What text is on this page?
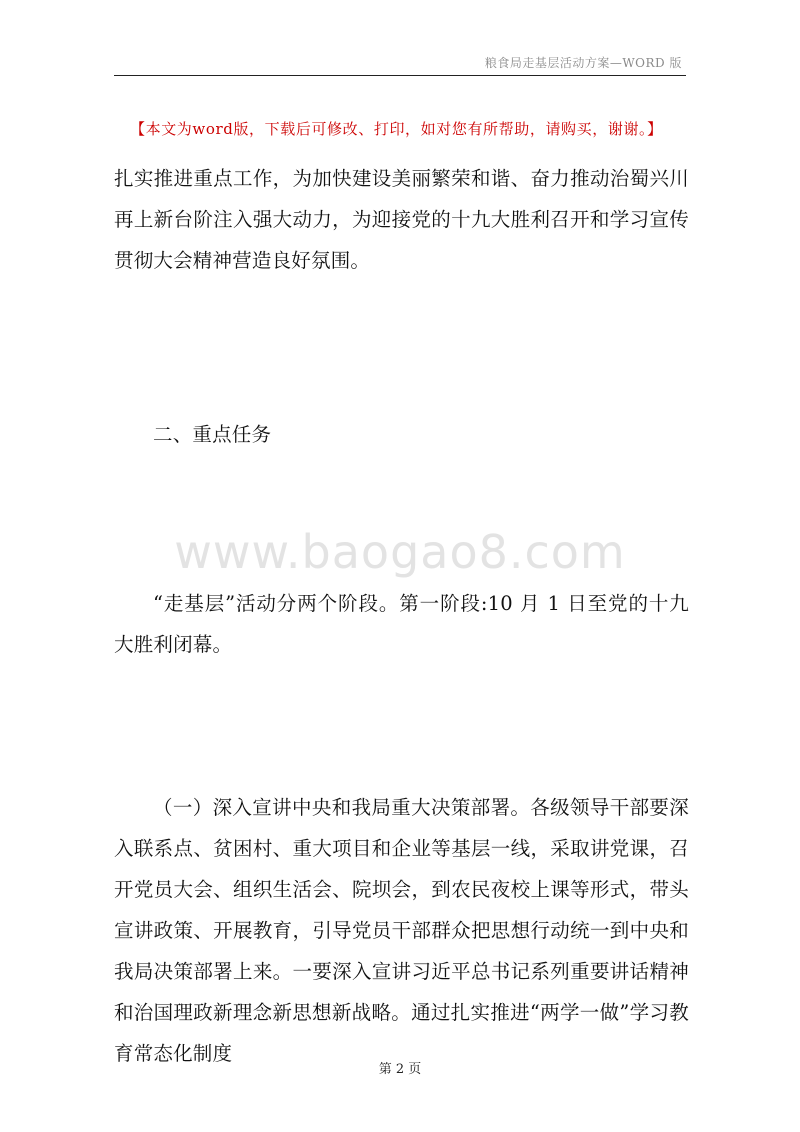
粮食局走基层活动方案—WORD 版
【本文为word版，下载后可修改、打印，如对您有所帮助，请购买，谢谢。】

扎实推进重点工作，为加快建设美丽繁荣和谐、奋力推动治蜀兴川再上新台阶注入强大动力，为迎接党的十九大胜利召开和学习宣传贯彻大会精神营造良好氛围。

二、重点任务

www.baogao8.com

“走基层”活动分两个阶段。第一阶段:10 月 1 日至党的十九大胜利闭幕。

（一）深入宣讲中央和我局重大决策部署。各级领导干部要深入联系点、贫困村、重大项目和企业等基层一线，采取讲党课，召开党员大会、组织生活会、院坝会，到农民夜校上课等形式，带头宣讲政策、开展教育，引导党员干部群众把思想行动统一到中央和我局决策部署上来。一要深入宣讲习近平总书记系列重要讲话精神和治国理政新理念新思想新战略。通过扎实推进“两学一做”学习教育常态化制度

第 2 页
